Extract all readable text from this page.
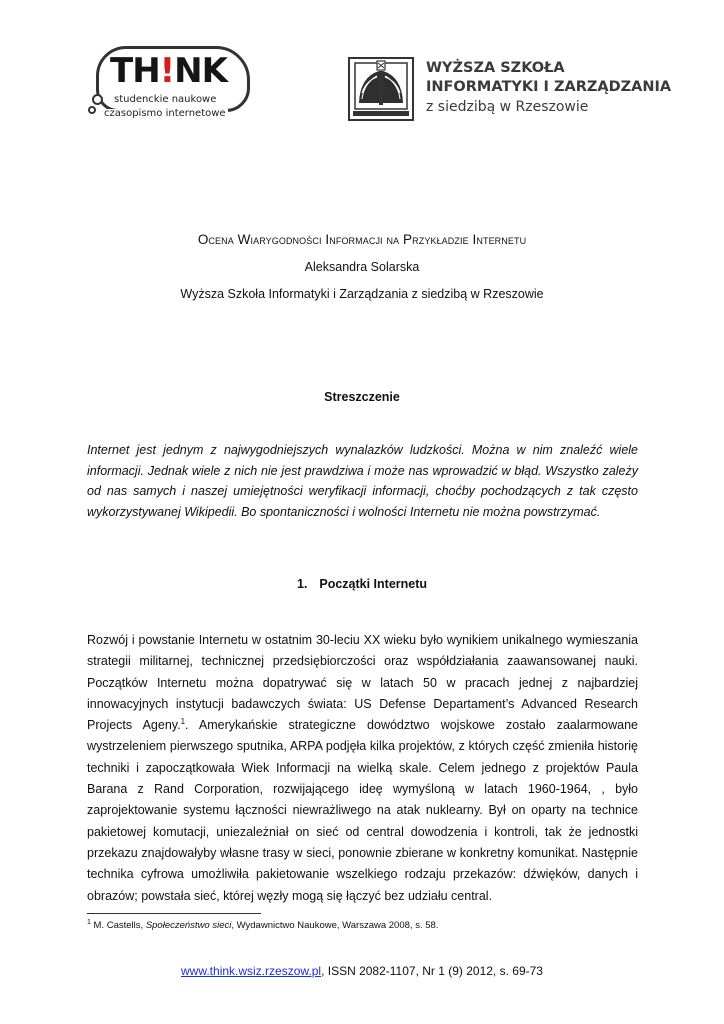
TH!NK
studenckie naukowe
czasopismo internetowe
WYŻSZA SZKOŁA
INFORMATYKI I ZARZĄDZANIA
z siedzibą w Rzeszowie
Ocena Wiarygodności Informacji na Przykładzie Internetu
Aleksandra Solarska
Wyższa Szkoła Informatyki i Zarządzania z siedzibą w Rzeszowie
Streszczenie
Internet jest jednym z najwygodniejszych wynalazków ludzkości. Można w nim znaleźć wiele informacji. Jednak wiele z nich nie jest prawdziwa i może nas wprowadzić w błąd. Wszystko zależy od nas samych i naszej umiejętności weryfikacji informacji, choćby pochodzących z tak często wykorzystywanej Wikipedii. Bo spontaniczności i wolności Internetu nie można powstrzymać.
1. Początki Internetu
Rozwój i powstanie Internetu w ostatnim 30-leciu XX wieku było wynikiem unikalnego wymieszania strategii militarnej, technicznej przedsiębiorczości oraz współdziałania zaawansowanej nauki. Początków Internetu można dopatrywać się w latach 50 w pracach jednej z najbardziej innowacyjnych instytucji badawczych świata: US Defense Departament’s Advanced Research Projects Ageny.$^1$. Amerykańskie strategiczne dowództwo wojskowe zostało zaalarmowane wystrzeleniem pierwszego sputnika, ARPA podjęła kilka projektów, z których część zmieniła historię techniki i zapoczątkowała Wiek Informacji na wielką skale. Celem jednego z projektów Paula Barana z Rand Corporation, rozwijającego ideę wymyśloną w latach 1960-1964, , było zaprojektowanie systemu łączności niewrażliwego na atak nuklearny. Był on oparty na technice pakietowej komutacji, uniezależniał on sieć od central dowodzenia i kontroli, tak że jednostki przekazu znajdowałyby własne trasy w sieci, ponownie zbierane w konkretny komunikat. Następnie technika cyfrowa umożliwiła pakietowanie wszelkiego rodzaju przekazów: dźwięków, danych i obrazów; powstała sieć, której węzły mogą się łączyć bez udziału central.
$^1$ M. Castells, Społeczeństwo sieci, Wydawnictwo Naukowe, Warszawa 2008, s. 58.
www.think.wsiz.rzeszow.pl, ISSN 2082-1107, Nr 1 (9) 2012, s. 69-73
